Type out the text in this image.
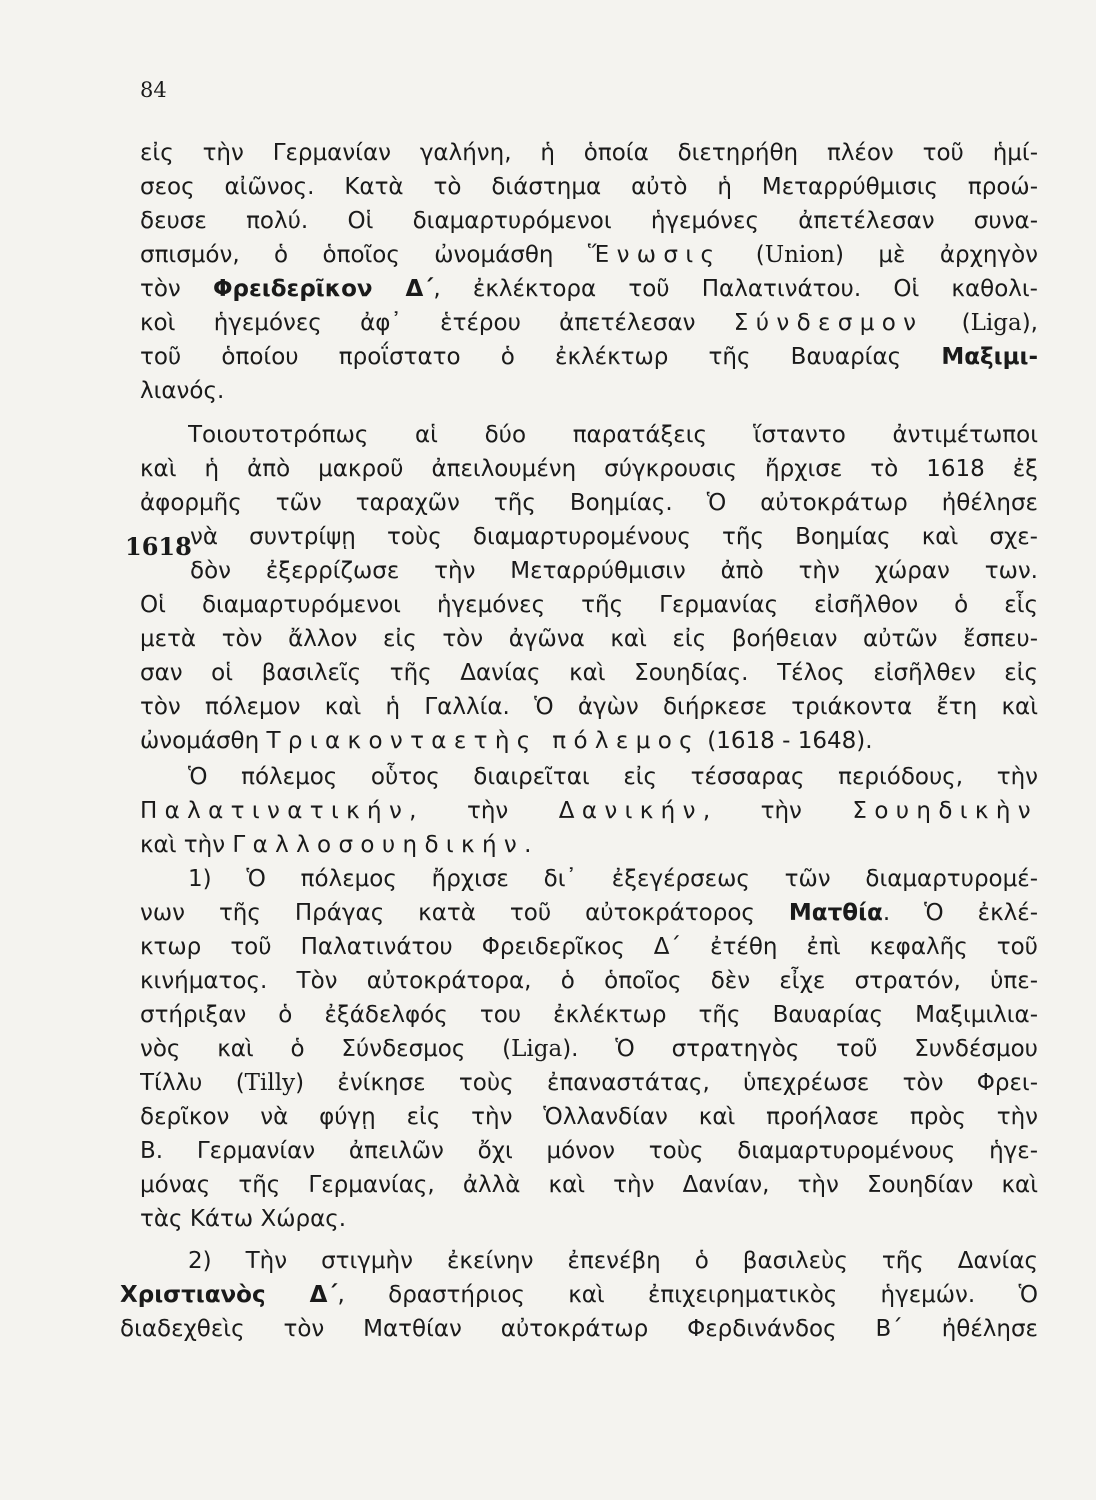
84
1618
εἰς τὴν Γερμανίαν γαλήνη, ἡ ὁποία διετηρήθη πλέον τοῦ ἡμί-
σεος αἰῶνος. Κατὰ τὸ διάστημα αὐτὸ ἡ Μεταρρύθμισις προώ-
δευσε πολύ. Οἱ διαμαρτυρόμενοι ἡγεμόνες ἀπετέλεσαν συνα-
σπισμόν, ὁ ὁποῖος ὠνομάσθη Ἕνωσις (Union) μὲ ἀρχηγὸν
τὸν Φρειδερῖκον Δ΄, ἐκλέκτορα τοῦ Παλατινάτου. Οἱ καθολι-
κοὶ ἡγεμόνες ἀφ᾽ ἑτέρου ἀπετέλεσαν Σύνδεσμον (Liga),
τοῦ ὁποίου προΐστατο ὁ ἐκλέκτωρ τῆς Βαυαρίας Μαξιμι-
λιανός.
Τοιουτοτρόπως αἱ δύο παρατάξεις ἵσταντο ἀντιμέτωποι
καὶ ἡ ἀπὸ μακροῦ ἀπειλουμένη σύγκρουσις ἤρχισε τὸ 1618 ἐξ
ἀφορμῆς τῶν ταραχῶν τῆς Βοημίας. Ὁ αὐτοκράτωρ ἠθέλησε
νὰ συντρίψῃ τοὺς διαμαρτυρομένους τῆς Βοημίας καὶ σχε-
δὸν ἐξερρίζωσε τὴν Μεταρρύθμισιν ἀπὸ τὴν χώραν των.
Οἱ διαμαρτυρόμενοι ἡγεμόνες τῆς Γερμανίας εἰσῆλθον ὁ εἷς
μετὰ τὸν ἄλλον εἰς τὸν ἀγῶνα καὶ εἰς βοήθειαν αὐτῶν ἔσπευ-
σαν οἱ βασιλεῖς τῆς Δανίας καὶ Σουηδίας. Τέλος εἰσῆλθεν εἰς
τὸν πόλεμον καὶ ἡ Γαλλία. Ὁ ἀγὼν διήρκεσε τριάκοντα ἔτη καὶ
ὠνομάσθη Τριακονταετὴς πόλεμος (1618 - 1648).
Ὁ πόλεμος οὗτος διαιρεῖται εἰς τέσσαρας περιόδους, τὴν
Παλατινατικήν, τὴν Δανικήν, τὴν Σουηδικὴν
καὶ τὴν Γαλλοσουηδικήν.
1) Ὁ πόλεμος ἤρχισε δι᾽ ἐξεγέρσεως τῶν διαμαρτυρομέ-
νων τῆς Πράγας κατὰ τοῦ αὐτοκράτορος Ματθία. Ὁ ἐκλέ-
κτωρ τοῦ Παλατινάτου Φρειδερῖκος Δ΄ ἐτέθη ἐπὶ κεφαλῆς τοῦ
κινήματος. Τὸν αὐτοκράτορα, ὁ ὁποῖος δὲν εἶχε στρατόν, ὑπε-
στήριξαν ὁ ἐξάδελφός του ἐκλέκτωρ τῆς Βαυαρίας Μαξιμιλια-
νὸς καὶ ὁ Σύνδεσμος (Liga). Ὁ στρατηγὸς τοῦ Συνδέσμου
Τίλλυ (Tilly) ἐνίκησε τοὺς ἐπαναστάτας, ὑπεχρέωσε τὸν Φρει-
δερῖκον νὰ φύγῃ εἰς τὴν Ὁλλανδίαν καὶ προήλασε πρὸς τὴν
Β. Γερμανίαν ἀπειλῶν ὄχι μόνον τοὺς διαμαρτυρομένους ἡγε-
μόνας τῆς Γερμανίας, ἀλλὰ καὶ τὴν Δανίαν, τὴν Σουηδίαν καὶ
τὰς Κάτω Χώρας.
2) Τὴν στιγμὴν ἐκείνην ἐπενέβη ὁ βασιλεὺς τῆς Δανίας
Χριστιανὸς Δ΄, δραστήριος καὶ ἐπιχειρηματικὸς ἡγεμών. Ὁ
διαδεχθεὶς τὸν Ματθίαν αὐτοκράτωρ Φερδινάνδος Β΄ ἠθέλησε
